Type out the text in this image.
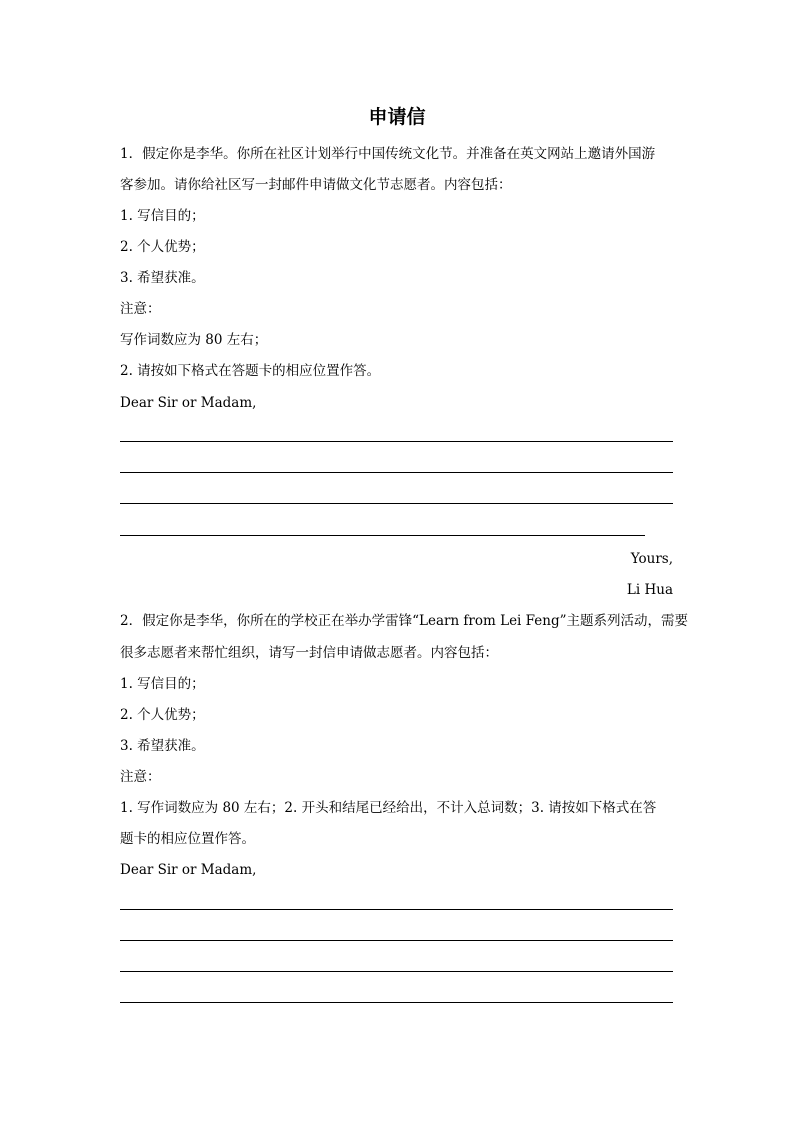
申请信
1．假定你是李华。你所在社区计划举行中国传统文化节。并准备在英文网站上邀请外国游
客参加。请你给社区写一封邮件申请做文化节志愿者。内容包括：
1. 写信目的；
2. 个人优势；
3. 希望获准。
注意：
写作词数应为 80 左右；
2. 请按如下格式在答题卡的相应位置作答。
Dear Sir or Madam,
Yours,
Li Hua
2．假定你是李华，你所在的学校正在举办学雷锋“Learn from Lei Feng”主题系列活动，需要
很多志愿者来帮忙组织，请写一封信申请做志愿者。内容包括：
1. 写信目的；
2. 个人优势；
3. 希望获准。
注意：
1. 写作词数应为 80 左右；2. 开头和结尾已经给出，不计入总词数；3. 请按如下格式在答
题卡的相应位置作答。
Dear Sir or Madam,
